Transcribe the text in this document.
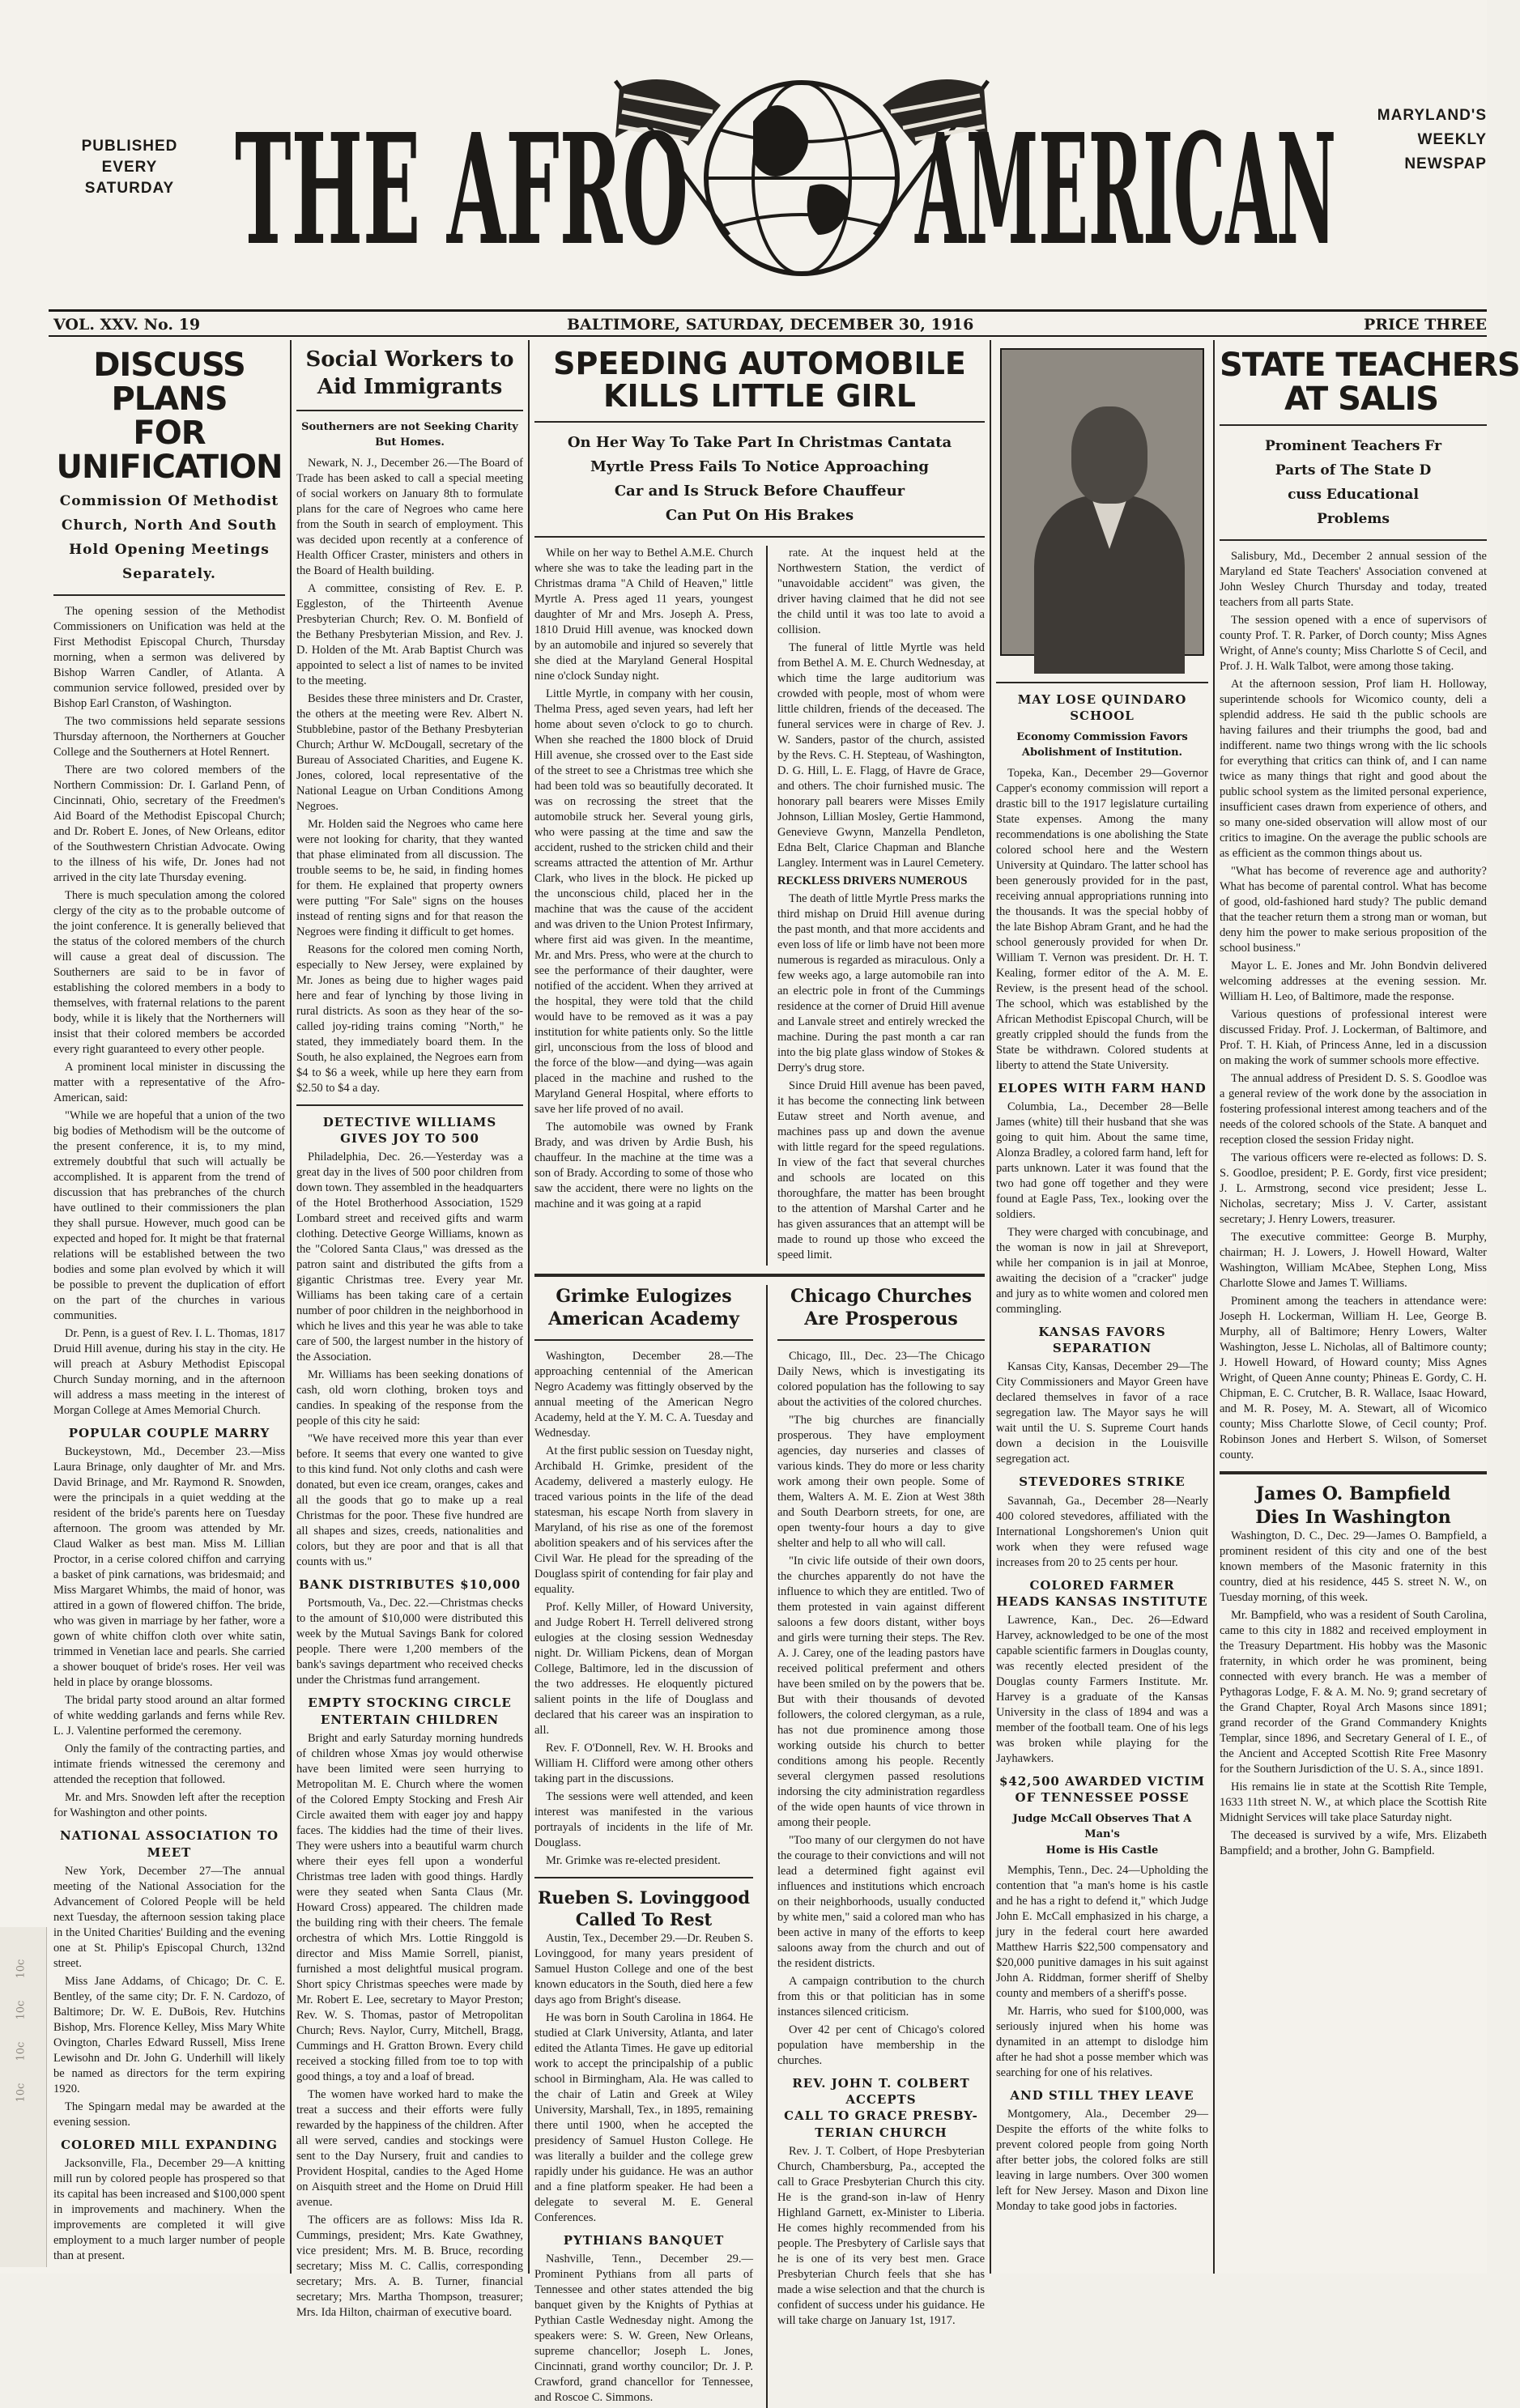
PUBLISHED
EVERY
SATURDAY THE AFRO AMERICAN	MARYLAND'S
WEEKLY
NEWSPAP
VOL. XXV. No. 19	BALTIMORE, SATURDAY, DECEMBER 30, 1916	PRICE THREE
DISCUSS PLANS
FOR UNIFICATION
Commission Of Methodist Church, North And South Hold Opening Meetings Separately.

The opening session of the Methodist Commissioners on Unification was held at the First Methodist Episcopal Church, Thursday morning, when a sermon was delivered by Bishop Warren Candler, of Atlanta. A communion service followed, presided over by Bishop Earl Cranston, of Washington.

The two commissions held separate sessions Thursday afternoon, the Northerners at Goucher College and the Southerners at Hotel Rennert.

There are two colored members of the Northern Commission: Dr. I. Garland Penn, of Cincinnati, Ohio, secretary of the Freedmen's Aid Board of the Methodist Episcopal Church; and Dr. Robert E. Jones, of New Orleans, editor of the Southwestern Christian Advocate. Owing to the illness of his wife, Dr. Jones had not arrived in the city late Thursday evening.

There is much speculation among the colored clergy of the city as to the probable outcome of the joint conference. It is generally believed that the status of the colored members of the church will cause a great deal of discussion. The Southerners are said to be in favor of establishing the colored members in a body to themselves, with fraternal relations to the parent body, while it is likely that the Northerners will insist that their colored members be accorded every right guaranteed to every other people.

A prominent local minister in discussing the matter with a representative of the Afro-American, said:

"While we are hopeful that a union of the two big bodies of Methodism will be the outcome of the present conference, it is, to my mind, extremely doubtful that such will actually be accomplished. It is apparent from the trend of discussion that has prebranches of the church have outlined to their commissioners the plan they shall pursue. However, much good can be expected and hoped for. It might be that fraternal relations will be established between the two bodies and some plan evolved by which it will be possible to prevent the duplication of effort on the part of the churches in various communities.

Dr. Penn, is a guest of Rev. I. L. Thomas, 1817 Druid Hill avenue, during his stay in the city. He will preach at Asbury Methodist Episcopal Church Sunday morning, and in the afternoon will address a mass meeting in the interest of Morgan College at Ames Memorial Church.

POPULAR COUPLE MARRY

Buckeystown, Md., December 23.—Miss Laura Brinage, only daughter of Mr. and Mrs. David Brinage, and Mr. Raymond R. Snowden, were the principals in a quiet wedding at the resident of the bride's parents here on Tuesday afternoon. The groom was attended by Mr. Claud Walker as best man. Miss M. Lillian Proctor, in a cerise colored chiffon and carrying a basket of pink carnations, was bridesmaid; and Miss Margaret Whimbs, the maid of honor, was attired in a gown of flowered chiffon. The bride, who was given in marriage by her father, wore a gown of white chiffon cloth over white satin, trimmed in Venetian lace and pearls. She carried a shower bouquet of bride's roses. Her veil was held in place by orange blossoms.

The bridal party stood around an altar formed of white wedding garlands and ferns while Rev. L. J. Valentine performed the ceremony.

Only the family of the contracting parties, and intimate friends witnessed the ceremony and attended the reception that followed.

Mr. and Mrs. Snowden left after the reception for Washington and other points.

NATIONAL ASSOCIATION TO MEET

New York, December 27—The annual meeting of the National Association for the Advancement of Colored People will be held next Tuesday, the afternoon session taking place in the United Charities' Building and the evening one at St. Philip's Episcopal Church, 132nd street.

Miss Jane Addams, of Chicago; Dr. C. E. Bentley, of the same city; Dr. F. N. Cardozo, of Baltimore; Dr. W. E. DuBois, Rev. Hutchins Bishop, Mrs. Florence Kelley, Miss Mary White Ovington, Charles Edward Russell, Miss Irene Lewisohn and Dr. John G. Underhill will likely be named as directors for the term expiring 1920.

The Spingarn medal may be awarded at the evening session.

COLORED MILL EXPANDING

Jacksonville, Fla., December 29—A knitting mill run by colored people has prospered so that its capital has been increased and $100,000 spent in improvements and machinery. When the improvements are completed it will give employment to a much larger number of people than at present.

Social Workers to
Aid Immigrants
Southerners are not Seeking Charity But Homes.

Newark, N. J., December 26.—The Board of Trade has been asked to call a special meeting of social workers on January 8th to formulate plans for the care of Negroes who came here from the South in search of employment. This was decided upon recently at a conference of Health Officer Craster, ministers and others in the Board of Health building.

A committee, consisting of Rev. E. P. Eggleston, of the Thirteenth Avenue Presbyterian Church; Rev. O. M. Bonfield of the Bethany Presbyterian Mission, and Rev. J. D. Holden of the Mt. Arab Baptist Church was appointed to select a list of names to be invited to the meeting.

Besides these three ministers and Dr. Craster, the others at the meeting were Rev. Albert N. Stubblebine, pastor of the Bethany Presbyterian Church; Arthur W. McDougall, secretary of the Bureau of Associated Charities, and Eugene K. Jones, colored, local representative of the National League on Urban Conditions Among Negroes.

Mr. Holden said the Negroes who came here were not looking for charity, that they wanted that phase eliminated from all discussion. The trouble seems to be, he said, in finding homes for them. He explained that property owners were putting "For Sale" signs on the houses instead of renting signs and for that reason the Negroes were finding it difficult to get homes.

Reasons for the colored men coming North, especially to New Jersey, were explained by Mr. Jones as being due to higher wages paid here and fear of lynching by those living in rural districts. As soon as they hear of the so-called joy-riding trains coming "North," he stated, they immediately board them. In the South, he also explained, the Negroes earn from $4 to $6 a week, while up here they earn from $2.50 to $4 a day.

DETECTIVE WILLIAMS
GIVES JOY TO 500

Philadelphia, Dec. 26.—Yesterday was a great day in the lives of 500 poor children from down town. They assembled in the headquarters of the Hotel Brotherhood Association, 1529 Lombard street and received gifts and warm clothing. Detective George Williams, known as the "Colored Santa Claus," was dressed as the patron saint and distributed the gifts from a gigantic Christmas tree. Every year Mr. Williams has been taking care of a certain number of poor children in the neighborhood in which he lives and this year he was able to take care of 500, the largest number in the history of the Association.

Mr. Williams has been seeking donations of cash, old worn clothing, broken toys and candies. In speaking of the response from the people of this city he said:

"We have received more this year than ever before. It seems that every one wanted to give to this kind fund. Not only cloths and cash were donated, but even ice cream, oranges, cakes and all the goods that go to make up a real Christmas for the poor. These five hundred are all shapes and sizes, creeds, nationalities and colors, but they are poor and that is all that counts with us."

BANK DISTRIBUTES $10,000

Portsmouth, Va., Dec. 22.—Christmas checks to the amount of $10,000 were distributed this week by the Mutual Savings Bank for colored people. There were 1,200 members of the bank's savings department who received checks under the Christmas fund arrangement.

EMPTY STOCKING CIRCLE
ENTERTAIN CHILDREN

Bright and early Saturday morning hundreds of children whose Xmas joy would otherwise have been limited were seen hurrying to Metropolitan M. E. Church where the women of the Colored Empty Stocking and Fresh Air Circle awaited them with eager joy and happy faces. The kiddies had the time of their lives. They were ushers into a beautiful warm church where their eyes fell upon a wonderful Christmas tree laden with good things. Hardly were they seated when Santa Claus (Mr. Howard Cross) appeared. The children made the building ring with their cheers. The female orchestra of which Mrs. Lottie Ringgold is director and Miss Mamie Sorrell, pianist, furnished a most delightful musical program. Short spicy Christmas speeches were made by Mr. Robert E. Lee, secretary to Mayor Preston; Rev. W. S. Thomas, pastor of Metropolitan Church; Revs. Naylor, Curry, Mitchell, Bragg, Cummings and H. Gratton Brown. Every child received a stocking filled from toe to top with good things, a toy and a loaf of bread.

The women have worked hard to make the treat a success and their efforts were fully rewarded by the happiness of the children. After all were served, candies and stockings were sent to the Day Nursery, fruit and candies to Provident Hospital, candies to the Aged Home on Aisquith street and the Home on Druid Hill avenue.

The officers are as follows: Miss Ida R. Cummings, president; Mrs. Kate Gwathney, vice president; Mrs. M. B. Bruce, recording secretary; Miss M. C. Callis, corresponding secretary; Mrs. A. B. Turner, financial secretary; Mrs. Martha Thompson, treasurer; Mrs. Ida Hilton, chairman of executive board.

SPEEDING AUTOMOBILE
KILLS LITTLE GIRL
On Her Way To Take Part In Christmas Cantata
Myrtle Press Fails To Notice Approaching
Car and Is Struck Before Chauffeur
Can Put On His Brakes

While on her way to Bethel A.M.E. Church where she was to take the leading part in the Christmas drama "A Child of Heaven," little Myrtle A. Press aged 11 years, youngest daughter of Mr and Mrs. Joseph A. Press, 1810 Druid Hill avenue, was knocked down by an automobile and injured so severely that she died at the Maryland General Hospital nine o'clock Sunday night.

Little Myrtle, in company with her cousin, Thelma Press, aged seven years, had left her home about seven o'clock to go to church. When she reached the 1800 block of Druid Hill avenue, she crossed over to the East side of the street to see a Christmas tree which she had been told was so beautifully decorated. It was on recrossing the street that the automobile struck her. Several young girls, who were passing at the time and saw the accident, rushed to the stricken child and their screams attracted the attention of Mr. Arthur Clark, who lives in the block. He picked up the unconscious child, placed her in the machine that was the cause of the accident and was driven to the Union Protest Infirmary, where first aid was given. In the meantime, Mr. and Mrs. Press, who were at the church to see the performance of their daughter, were notified of the accident. When they arrived at the hospital, they were told that the child would have to be removed as it was a pay institution for white patients only. So the little girl, unconscious from the loss of blood and the force of the blow—and dying—was again placed in the machine and rushed to the Maryland General Hospital, where efforts to save her life proved of no avail.

The automobile was owned by Frank Brady, and was driven by Ardie Bush, his chauffeur. In the machine at the time was a son of Brady. According to some of those who saw the accident, there were no lights on the machine and it was going at a rapid

rate. At the inquest held at the Northwestern Station, the verdict of "unavoidable accident" was given, the driver having claimed that he did not see the child until it was too late to avoid a collision.

The funeral of little Myrtle was held from Bethel A. M. E. Church Wednesday, at which time the large auditorium was crowded with people, most of whom were little children, friends of the deceased. The funeral services were in charge of Rev. J. W. Sanders, pastor of the church, assisted by the Revs. C. H. Stepteau, of Washington, D. G. Hill, L. E. Flagg, of Havre de Grace, and others. The choir furnished music. The honorary pall bearers were Misses Emily Johnson, Lillian Mosley, Gertie Hammond, Genevieve Gwynn, Manzella Pendleton, Edna Belt, Clarice Chapman and Blanche Langley. Interment was in Laurel Cemetery.

RECKLESS DRIVERS NUMEROUS

The death of little Myrtle Press marks the third mishap on Druid Hill avenue during the past month, and that more accidents and even loss of life or limb have not been more numerous is regarded as miraculous. Only a few weeks ago, a large automobile ran into an electric pole in front of the Cummings residence at the corner of Druid Hill avenue and Lanvale street and entirely wrecked the machine. During the past month a car ran into the big plate glass window of Stokes & Derry's drug store.

Since Druid Hill avenue has been paved, it has become the connecting link between Eutaw street and North avenue, and machines pass up and down the avenue with little regard for the speed regulations. In view of the fact that several churches and schools are located on this thoroughfare, the matter has been brought to the attention of Marshal Carter and he has given assurances that an attempt will be made to round up those who exceed the speed limit.

Grimke Eulogizes
American Academy

Washington, December 28.—The approaching centennial of the American Negro Academy was fittingly observed by the annual meeting of the American Negro Academy, held at the Y. M. C. A. Tuesday and Wednesday.

At the first public session on Tuesday night, Archibald H. Grimke, president of the Academy, delivered a masterly eulogy. He traced various points in the life of the dead statesman, his escape North from slavery in Maryland, of his rise as one of the foremost abolition speakers and of his services after the Civil War. He plead for the spreading of the Douglass spirit of contending for fair play and equality.

Prof. Kelly Miller, of Howard University, and Judge Robert H. Terrell delivered strong eulogies at the closing session Wednesday night. Dr. William Pickens, dean of Morgan College, Baltimore, led in the discussion of the two addresses. He eloquently pictured salient points in the life of Douglass and declared that his career was an inspiration to all.

Rev. F. O'Donnell, Rev. W. H. Brooks and William H. Clifford were among other others taking part in the discussions.

The sessions were well attended, and keen interest was manifested in the various portrayals of incidents in the life of Mr. Douglass.

Mr. Grimke was re-elected president.

Rueben S. Lovinggood
Called To Rest

Austin, Tex., December 29.—Dr. Reuben S. Lovinggood, for many years president of Samuel Huston College and one of the best known educators in the South, died here a few days ago from Bright's disease.

He was born in South Carolina in 1864. He studied at Clark University, Atlanta, and later edited the Atlanta Times. He gave up editorial work to accept the principalship of a public school in Birmingham, Ala. He was called to the chair of Latin and Greek at Wiley University, Marshall, Tex., in 1895, remaining there until 1900, when he accepted the presidency of Samuel Huston College. He was literally a builder and the college grew rapidly under his guidance. He was an author and a fine platform speaker. He had been a delegate to several M. E. General Conferences.

PYTHIANS BANQUET

Nashville, Tenn., December 29.—Prominent Pythians from all parts of Tennessee and other states attended the big banquet given by the Knights of Pythias at Pythian Castle Wednesday night. Among the speakers were: S. W. Green, New Orleans, supreme chancellor; Joseph L. Jones, Cincinnati, grand worthy councilor; Dr. J. P. Crawford, grand chancellor for Tennessee, and Roscoe C. Simmons.

Chicago Churches
Are Prosperous

Chicago, Ill., Dec. 23—The Chicago Daily News, which is investigating its colored population has the following to say about the activities of the colored churches.

"The big churches are financially prosperous. They have employment agencies, day nurseries and classes of various kinds. They do more or less charity work among their own people. Some of them, Walters A. M. E. Zion at West 38th and South Dearborn streets, for one, are open twenty-four hours a day to give shelter and help to all who will call.

"In civic life outside of their own doors, the churches apparently do not have the influence to which they are entitled. Two of them protested in vain against different saloons a few doors distant, wither boys and girls were turning their steps. The Rev. A. J. Carey, one of the leading pastors have received political preferment and others have been smiled on by the powers that be. But with their thousands of devoted followers, the colored clergyman, as a rule, has not due prominence among those working outside his church to better conditions among his people. Recently several clergymen passed resolutions indorsing the city administration regardless of the wide open haunts of vice thrown in among their people.

"Too many of our clergymen do not have the courage to their convictions and will not lead a determined fight against evil influences and institutions which encroach on their neighborhoods, usually conducted by white men," said a colored man who has been active in many of the efforts to keep saloons away from the church and out of the resident districts.

A campaign contribution to the church from this or that politician has in some instances silenced criticism.

Over 42 per cent of Chicago's colored population have membership in the churches.

REV. JOHN T. COLBERT ACCEPTS
CALL TO GRACE PRESBY-
TERIAN CHURCH

Rev. J. T. Colbert, of Hope Presbyterian Church, Chambersburg, Pa., accepted the call to Grace Presbyterian Church this city. He is the grand-son in-law of Henry Highland Garnett, ex-Minister to Liberia. He comes highly recommended from his people. The Presbytery of Carlisle says that he is one of its very best men. Grace Presbyterian Church feels that she has made a wise selection and that the church is confident of success under his guidance. He will take charge on January 1st, 1917.

MAY LOSE QUINDARO SCHOOL
Economy Commission Favors Abolishment of Institution.

Topeka, Kan., December 29—Governor Capper's economy commission will report a drastic bill to the 1917 legislature curtailing State expenses. Among the many recommendations is one abolishing the State colored school here and the Western University at Quindaro. The latter school has been generously provided for in the past, receiving annual appropriations running into the thousands. It was the special hobby of the late Bishop Abram Grant, and he had the school generously provided for when Dr. William T. Vernon was president. Dr. H. T. Kealing, former editor of the A. M. E. Review, is the present head of the school. The school, which was established by the African Methodist Episcopal Church, will be greatly crippled should the funds from the State be withdrawn. Colored students at liberty to attend the State University.

ELOPES WITH FARM HAND

Columbia, La., December 28—Belle James (white) till their husband that she was going to quit him. About the same time, Alonza Bradley, a colored farm hand, left for parts unknown. Later it was found that the two had gone off together and they were found at Eagle Pass, Tex., looking over the soldiers.

They were charged with concubinage, and the woman is now in jail at Shreveport, while her companion is in jail at Monroe, awaiting the decision of a "cracker" judge and jury as to white women and colored men commingling.

KANSAS FAVORS SEPARATION

Kansas City, Kansas, December 29—The City Commissioners and Mayor Green have declared themselves in favor of a race segregation law. The Mayor says he will wait until the U. S. Supreme Court hands down a decision in the Louisville segregation act.

STEVEDORES STRIKE

Savannah, Ga., December 28—Nearly 400 colored stevedores, affiliated with the International Longshoremen's Union quit work when they were refused wage increases from 20 to 25 cents per hour.

COLORED FARMER
HEADS KANSAS INSTITUTE

Lawrence, Kan., Dec. 26—Edward Harvey, acknowledged to be one of the most capable scientific farmers in Douglas county, was recently elected president of the Douglas county Farmers Institute. Mr. Harvey is a graduate of the Kansas University in the class of 1894 and was a member of the football team. One of his legs was broken while playing for the Jayhawkers.

$42,500 AWARDED VICTIM
OF TENNESSEE POSSE
Judge McCall Observes That A Man's
Home is His Castle

Memphis, Tenn., Dec. 24—Upholding the contention that "a man's home is his castle and he has a right to defend it," which Judge John E. McCall emphasized in his charge, a jury in the federal court here awarded Matthew Harris $22,500 compensatory and $20,000 punitive damages in his suit against John A. Riddman, former sheriff of Shelby county and members of a sheriff's posse.

Mr. Harris, who sued for $100,000, was seriously injured when his home was dynamited in an attempt to dislodge him after he had shot a posse member which was searching for one of his relatives.

AND STILL THEY LEAVE

Montgomery, Ala., December 29—Despite the efforts of the white folks to prevent colored people from going North after better jobs, the colored folks are still leaving in large numbers. Over 300 women left for New Jersey. Mason and Dixon line Monday to take good jobs in factories.

STATE TEACHERS
AT SALIS
Prominent Teachers Fr
Parts of The State D
cuss Educational
Problems

Salisbury, Md., December 2 annual session of the Maryland ed State Teachers' Association convened at John Wesley Church Thursday and today, treated teachers from all parts State.

The session opened with a ence of supervisors of county Prof. T. R. Parker, of Dorch county; Miss Agnes Wright, of Anne's county; Miss Charlotte S of Cecil, and Prof. J. H. Walk Talbot, were among those taking.

At the afternoon session, Prof liam H. Holloway, superintende schools for Wicomico county, deli a splendid address. He said th the public schools are having failures and their triumphs the good, bad and indifferent. name two things wrong with the lic schools for everything that critics can think of, and I can name twice as many things that right and good about the public school system as the limited personal experience, insufficient cases drawn from experience of others, and so many one-sided observation will allow most of our critics to imagine. On the average the public schools are as efficient as the common things about us.

"What has become of reverence age and authority? What has become of parental control. What has become of good, old-fashioned hard study? The public demand that the teacher return them a strong man or woman, but deny him the power to make serious proposition of the school business."

Mayor L. E. Jones and Mr. John Bondvin delivered welcoming addresses at the evening session. Mr. William H. Leo, of Baltimore, made the response.

Various questions of professional interest were discussed Friday. Prof. J. Lockerman, of Baltimore, and Prof. T. H. Kiah, of Princess Anne, led in a discussion on making the work of summer schools more effective.

The annual address of President D. S. S. Goodloe was a general review of the work done by the association in fostering professional interest among teachers and of the needs of the colored schools of the State. A banquet and reception closed the session Friday night.

The various officers were re-elected as follows: D. S. S. Goodloe, president; P. E. Gordy, first vice president; J. L. Armstrong, second vice president; Jesse L. Nicholas, secretary; Miss J. V. Carter, assistant secretary; J. Henry Lowers, treasurer.

The executive committee: George B. Murphy, chairman; H. J. Lowers, J. Howell Howard, Walter Washington, William McAbee, Stephen Long, Miss Charlotte Slowe and James T. Williams.

Prominent among the teachers in attendance were: Joseph H. Lockerman, William H. Lee, George B. Murphy, all of Baltimore; Henry Lowers, Walter Washington, Jesse L. Nicholas, all of Baltimore county; J. Howell Howard, of Howard county; Miss Agnes Wright, of Queen Anne county; Phineas E. Gordy, C. H. Chipman, E. C. Crutcher, B. R. Wallace, Isaac Howard, and M. R. Posey, M. A. Stewart, all of Wicomico county; Miss Charlotte Slowe, of Cecil county; Prof. Robinson Jones and Herbert S. Wilson, of Somerset county.

James O. Bampfield
Dies In Washington

Washington, D. C., Dec. 29—James O. Bampfield, a prominent resident of this city and one of the best known members of the Masonic fraternity in this country, died at his residence, 445 S. street N. W., on Tuesday morning, of this week.

Mr. Bampfield, who was a resident of South Carolina, came to this city in 1882 and received employment in the Treasury Department. His hobby was the Masonic fraternity, in which order he was prominent, being connected with every branch. He was a member of Pythagoras Lodge, F. & A. M. No. 9; grand secretary of the Grand Chapter, Royal Arch Masons since 1891; grand recorder of the Grand Commandery Knights Templar, since 1896, and Secretary General of I. E., of the Ancient and Accepted Scottish Rite Free Masonry for the Southern Jurisdiction of the U. S. A., since 1891.

His remains lie in state at the Scottish Rite Temple, 1633 11th street N. W., at which place the Scottish Rite Midnight Services will take place Saturday night.

The deceased is survived by a wife, Mrs. Elizabeth Bampfield; and a brother, John G. Bampfield.

10c
10c
10c
10c
